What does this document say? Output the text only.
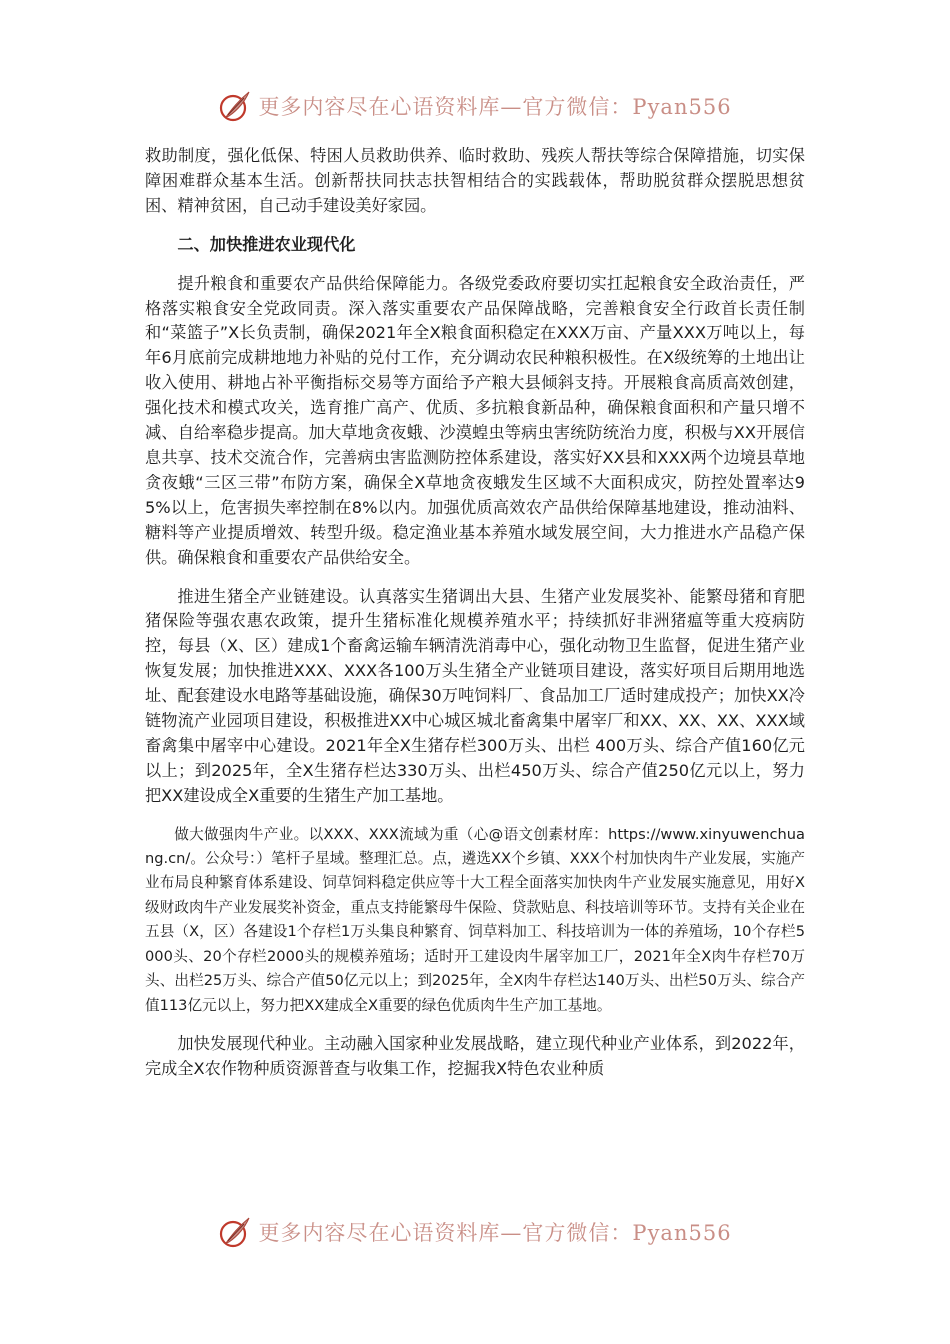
更多内容尽在心语资料库—官方微信：Pyan556

救助制度，强化低保、特困人员救助供养、临时救助、残疾人帮扶等综合保障措施，切实保障困难群众基本生活。创新帮扶同扶志扶智相结合的实践载体，帮助脱贫群众摆脱思想贫困、精神贫困，自己动手建设美好家园。

二、加快推进农业现代化

提升粮食和重要农产品供给保障能力。各级党委政府要切实扛起粮食安全政治责任，严格落实粮食安全党政同责。深入落实重要农产品保障战略，完善粮食安全行政首长责任制和“菜篮子”X长负责制，确保2021年全X粮食面积稳定在XXX万亩、产量XXX万吨以上，每年6月底前完成耕地地力补贴的兑付工作，充分调动农民种粮积极性。在X级统筹的土地出让收入使用、耕地占补平衡指标交易等方面给予产粮大县倾斜支持。开展粮食高质高效创建，强化技术和模式攻关，选育推广高产、优质、多抗粮食新品种，确保粮食面积和产量只增不减、自给率稳步提高。加大草地贪夜蛾、沙漠蝗虫等病虫害统防统治力度，积极与XX开展信息共享、技术交流合作，完善病虫害监测防控体系建设，落实好XX县和XXX两个边境县草地贪夜蛾“三区三带”布防方案，确保全X草地贪夜蛾发生区域不大面积成灾，防控处置率达95%以上，危害损失率控制在8%以内。加强优质高效农产品供给保障基地建设，推动油料、糖料等产业提质增效、转型升级。稳定渔业基本养殖水域发展空间，大力推进水产品稳产保供。确保粮食和重要农产品供给安全。

推进生猪全产业链建设。认真落实生猪调出大县、生猪产业发展奖补、能繁母猪和育肥猪保险等强农惠农政策，提升生猪标准化规模养殖水平；持续抓好非洲猪瘟等重大疫病防控，每县（X、区）建成1个畜禽运输车辆清洗消毒中心，强化动物卫生监督，促进生猪产业恢复发展；加快推进XXX、XXX各100万头生猪全产业链项目建设，落实好项目后期用地选址、配套建设水电路等基础设施，确保30万吨饲料厂、食品加工厂适时建成投产；加快XX冷链物流产业园项目建设，积极推进XX中心城区城北畜禽集中屠宰厂和XX、XX、XX、XXX域畜禽集中屠宰中心建设。2021年全X生猪存栏300万头、出栏 400万头、综合产值160亿元以上；到2025年，全X生猪存栏达330万头、出栏450万头、综合产值250亿元以上，努力把XX建设成全X重要的生猪生产加工基地。

做大做强肉牛产业。以XXX、XXX流域为重（心@语文创素材库：https://www.xinyuwenchuang.cn/。公众号：）笔杆子星域。整理汇总。点，遴选XX个乡镇、XXX个村加快肉牛产业发展，实施产业布局良种繁育体系建设、饲草饲料稳定供应等十大工程全面落实加快肉牛产业发展实施意见，用好X级财政肉牛产业发展奖补资金，重点支持能繁母牛保险、贷款贴息、科技培训等环节。支持有关企业在五县（X，区）各建设1个存栏1万头集良种繁育、饲草料加工、科技培训为一体的养殖场，10个存栏5000头、20个存栏2000头的规模养殖场；适时开工建设肉牛屠宰加工厂，2021年全X肉牛存栏70万头、出栏25万头、综合产值50亿元以上；到2025年，全X肉牛存栏达140万头、出栏50万头、综合产值113亿元以上，努力把XX建成全X重要的绿色优质肉牛生产加工基地。

加快发展现代种业。主动融入国家种业发展战略，建立现代种业产业体系，到2022年，完成全X农作物种质资源普查与收集工作，挖掘我X特色农业种质

更多内容尽在心语资料库—官方微信：Pyan556
